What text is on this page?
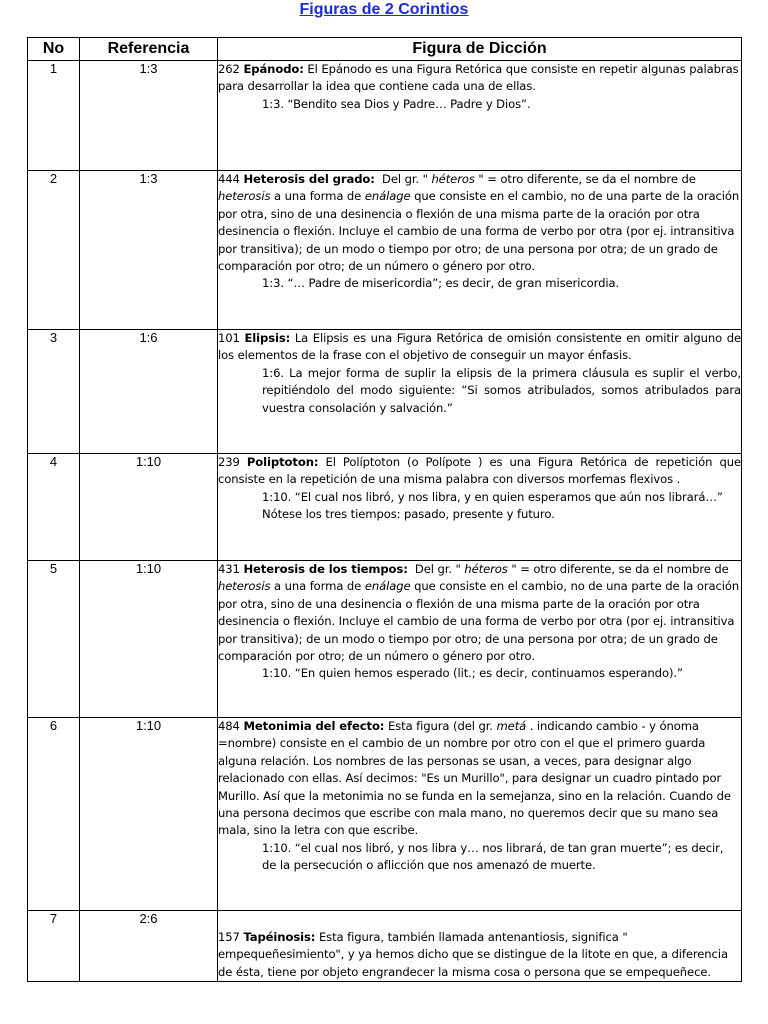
Figuras de 2 Corintios
No	Referencia	Figura de Dicción
1	1:3	262 Epánodo: El Epánodo es una Figura Retórica que consiste en repetir algunas palabras para desarrollar la idea que contiene cada una de ellas.
1:3. “Bendito sea Dios y Padre… Padre y Dios”.

2	1:3	444 Heterosis del grado: Del gr. " héteros " = otro diferente, se da el nombre de heterosis a una forma de enálage que consiste en el cambio, no de una parte de la oración por otra, sino de una desinencia o flexión de una misma parte de la oración por otra desinencia o flexión. Incluye el cambio de una forma de verbo por otra (por ej. intransitiva por transitiva); de un modo o tiempo por otro; de una persona por otra; de un grado de comparación por otro; de un número o género por otro.
1:3. “… Padre de misericordia”; es decir, de gran misericordia.

3	1:6	101 Elipsis: La Elipsis es una Figura Retórica de omisión consistente en omitir alguno de los elementos de la frase con el objetivo de conseguir un mayor énfasis.
1:6. La mejor forma de suplir la elipsis de la primera cláusula es suplir el verbo, repitiéndolo del modo siguiente: “Si somos atribulados, somos atribulados para vuestra consolación y salvación.”

4	1:10	239 Poliptoton: El Políptoton (o Polípote ) es una Figura Retórica de repetición que consiste en la repetición de una misma palabra con diversos morfemas flexivos .
1:10. “El cual nos libró, y nos libra, y en quien esperamos que aún nos librará…” Nótese los tres tiempos: pasado, presente y futuro.

5	1:10	431 Heterosis de los tiempos: Del gr. " héteros " = otro diferente, se da el nombre de heterosis a una forma de enálage que consiste en el cambio, no de una parte de la oración por otra, sino de una desinencia o flexión de una misma parte de la oración por otra desinencia o flexión. Incluye el cambio de una forma de verbo por otra (por ej. intransitiva por transitiva); de un modo o tiempo por otro; de una persona por otra; de un grado de comparación por otro; de un número o género por otro.
1:10. “En quien hemos esperado (lit.; es decir, continuamos esperando).”

6	1:10	484 Metonimia del efecto: Esta figura (del gr. metá . indicando cambio - y ónoma =nombre) consiste en el cambio de un nombre por otro con el que el primero guarda alguna relación. Los nombres de las personas se usan, a veces, para designar algo relacionado con ellas. Así decimos: "Es un Murillo", para designar un cuadro pintado por Murillo. Así que la metonimia no se funda en la semejanza, sino en la relación. Cuando de una persona decimos que escribe con mala mano, no queremos decir que su mano sea mala, sino la letra con que escribe.
1:10. “el cual nos libró, y nos libra y… nos librará, de tan gran muerte”; es decir, de la persecución o aflicción que nos amenazó de muerte.

7	2:6	157 Tapéinosis: Esta figura, también llamada antenantiosis, significa " empequeñesimiento", y ya hemos dicho que se distingue de la litote en que, a diferencia de ésta, tiene por objeto engrandecer la misma cosa o persona que se empequeñece.
